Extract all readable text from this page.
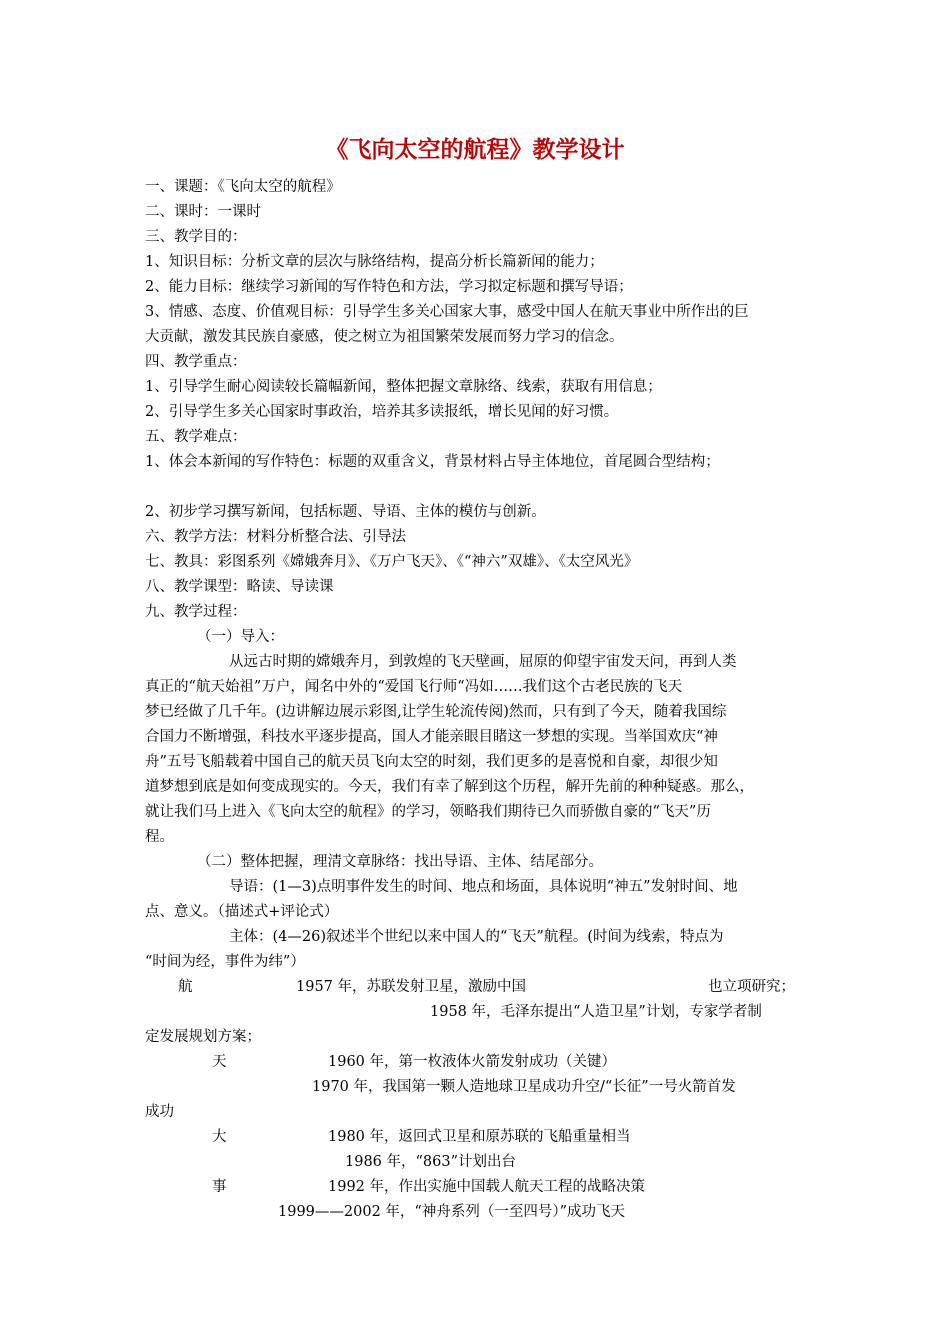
《飞向太空的航程》教学设计
一、课题：《飞向太空的航程》
二、课时：一课时
三、教学目的：
1、知识目标：分析文章的层次与脉络结构，提高分析长篇新闻的能力；
2、能力目标：继续学习新闻的写作特色和方法，学习拟定标题和撰写导语；
3、情感、态度、价值观目标：引导学生多关心国家大事，感受中国人在航天事业中所作出的巨
大贡献，激发其民族自豪感，使之树立为祖国繁荣发展而努力学习的信念。
四、教学重点：
1、引导学生耐心阅读较长篇幅新闻，整体把握文章脉络、线索，获取有用信息；
2、引导学生多关心国家时事政治，培养其多读报纸，增长见闻的好习惯。
五、教学难点：
1、体会本新闻的写作特色：标题的双重含义，背景材料占导主体地位，首尾圆合型结构；
2、初步学习撰写新闻，包括标题、导语、主体的模仿与创新。
六、教学方法：材料分析整合法、引导法
七、教具：彩图系列《嫦娥奔月》、《万户飞天》、《“神六”双雄》、《太空风光》
八、教学课型：略读、导读课
九、教学过程：
（一）导入：
从远古时期的嫦娥奔月，到敦煌的飞天壁画，屈原的仰望宇宙发天问，再到人类
真正的“航天始祖”万户，闻名中外的“爱国飞行师“冯如……我们这个古老民族的飞天
梦已经做了几千年。(边讲解边展示彩图,让学生轮流传阅)然而，只有到了今天，随着我国综
合国力不断增强，科技水平逐步提高，国人才能亲眼目睹这一梦想的实现。当举国欢庆“神
舟”五号飞船载着中国自己的航天员飞向太空的时刻，我们更多的是喜悦和自豪，却很少知
道梦想到底是如何变成现实的。今天，我们有幸了解到这个历程，解开先前的种种疑惑。那么，
就让我们马上进入《飞向太空的航程》的学习，领略我们期待已久而骄傲自豪的“飞天”历
程。
（二）整体把握，理清文章脉络：找出导语、主体、结尾部分。
导语：(1—3)点明事件发生的时间、地点和场面，具体说明“神五”发射时间、地
点、意义。（描述式+评论式）
主体：(4—26)叙述半个世纪以来中国人的“飞天”航程。(时间为线索，特点为
“时间为经，事件为纬”）
航	1957 年，苏联发射卫星，激励中国	也立项研究；
1958 年，毛泽东提出“人造卫星”计划，专家学者制
定发展规划方案；
天	1960 年，第一枚液体火箭发射成功（关键）
1970 年，我国第一颗人造地球卫星成功升空/“长征”一号火箭首发
成功
大	1980 年，返回式卫星和原苏联的飞船重量相当
1986 年，“863”计划出台
事	1992 年，作出实施中国载人航天工程的战略决策
1999——2002 年，“神舟系列（一至四号）”成功飞天
